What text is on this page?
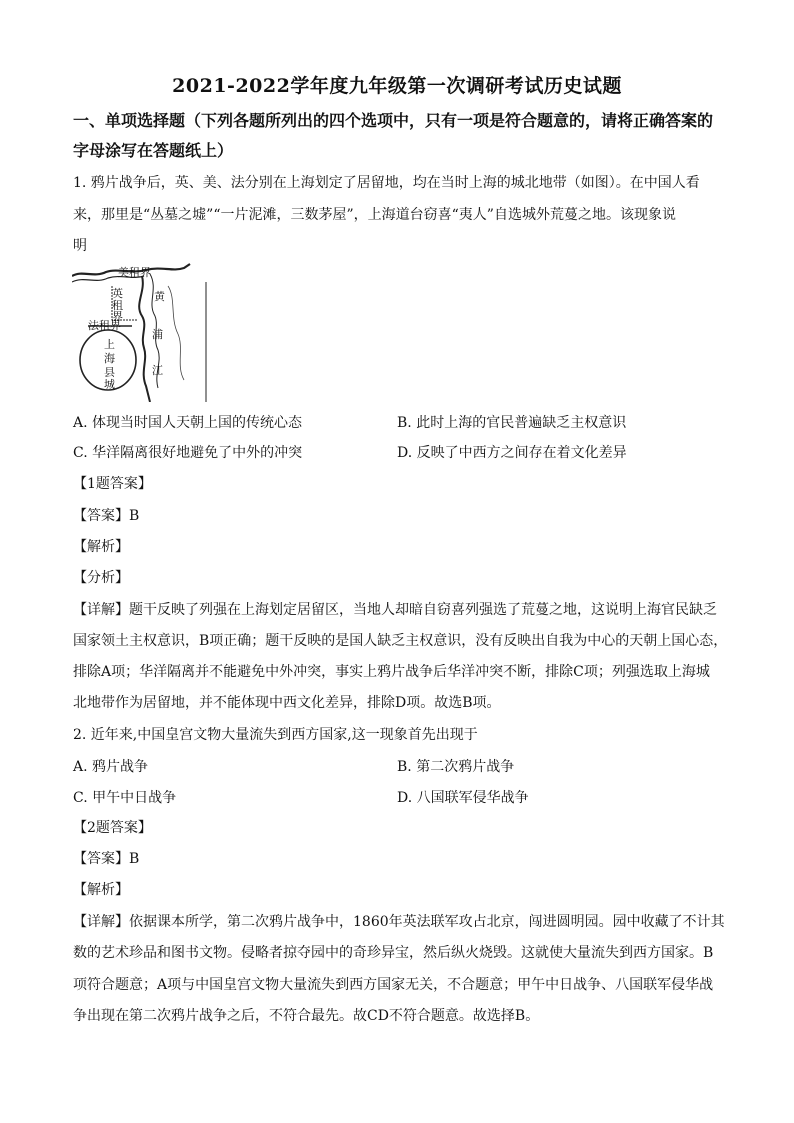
2021-2022学年度九年级第一次调研考试历史试题
一、单项选择题（下列各题所列出的四个选项中，只有一项是符合题意的，请将正确答案的
字母涂写在答题纸上）
1. 鸦片战争后，英、美、法分别在上海划定了居留地，均在当时上海的城北地带（如图）。在中国人看
来，那里是“丛墓之墟”“一片泥滩，三数茅屋”，上海道台窃喜“夷人”自选城外荒蔓之地。该现象说
明
美租界
英
租
界
法租界
上
海
县
城
黄
浦
江
A. 体现当时国人天朝上国的传统心态	B. 此时上海的官民普遍缺乏主权意识
C. 华洋隔离很好地避免了中外的冲突	D. 反映了中西方之间存在着文化差异
【1题答案】
【答案】B
【解析】
【分析】
【详解】题干反映了列强在上海划定居留区，当地人却暗自窃喜列强选了荒蔓之地，这说明上海官民缺乏
国家领土主权意识，B项正确；题干反映的是国人缺乏主权意识，没有反映出自我为中心的天朝上国心态，
排除A项；华洋隔离并不能避免中外冲突，事实上鸦片战争后华洋冲突不断，排除C项；列强选取上海城
北地带作为居留地，并不能体现中西文化差异，排除D项。故选B项。
2. 近年来,中国皇宫文物大量流失到西方国家,这一现象首先出现于
A. 鸦片战争	B. 第二次鸦片战争
C. 甲午中日战争	D. 八国联军侵华战争
【2题答案】
【答案】B
【解析】
【详解】依据课本所学，第二次鸦片战争中，1860年英法联军攻占北京，闯进圆明园。园中收藏了不计其
数的艺术珍品和图书文物。侵略者掠夺园中的奇珍异宝，然后纵火烧毁。这就使大量流失到西方国家。B
项符合题意；A项与中国皇宫文物大量流失到西方国家无关，不合题意；甲午中日战争、八国联军侵华战
争出现在第二次鸦片战争之后，不符合最先。故CD不符合题意。故选择B。
